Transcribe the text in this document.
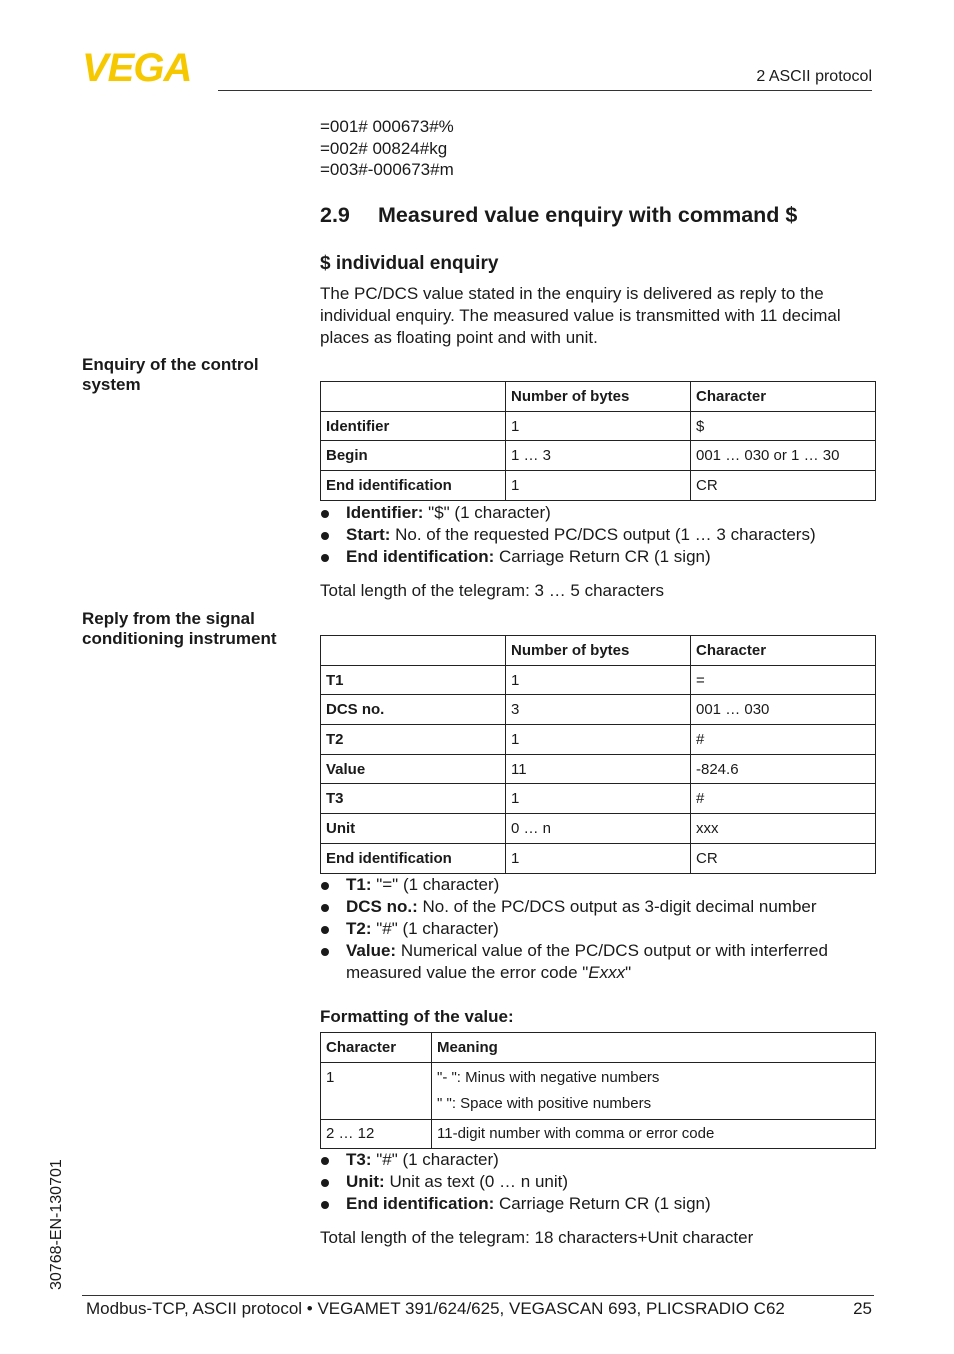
VEGA	2 ASCII protocol
=001# 000673#%
=002# 00824#kg
=003#-000673#m
2.9 Measured value enquiry with command $
$ individual enquiry
The PC/DCS value stated in the enquiry is delivered as reply to the individual enquiry. The measured value is transmitted with 11 decimal places as floating point and with unit.
Enquiry of the control
system
	Number of bytes	Character
Identifier	1	$
Begin	1 … 3	001 … 030 or 1 … 30
End identification	1	CR
Identifier: "$" (1 character)
Start: No. of the requested PC/DCS output (1 … 3 characters)
End identification: Carriage Return CR (1 sign)
Total length of the telegram: 3 … 5 characters
Reply from the signal
conditioning instrument
	Number of bytes	Character
T1	1	=
DCS no.	3	001 … 030
T2	1	#
Value	11	-824.6
T3	1	#
Unit	0 … n	xxx
End identification	1	CR
T1: "=" (1 character)
DCS no.: No. of the PC/DCS output as 3-digit decimal number
T2: "#" (1 character)
Value: Numerical value of the PC/DCS output or with interferred measured value the error code "Exxx"
Formatting of the value:
Character	Meaning
1	"- ": Minus with negative numbers
" ": Space with positive numbers

2 … 12	11-digit number with comma or error code
T3: "#" (1 character)
Unit: Unit as text (0 … n unit)
End identification: Carriage Return CR (1 sign)
Total length of the telegram: 18 characters+Unit character
30768-EN-130701
Modbus-TCP, ASCII protocol • VEGAMET 391/624/625, VEGASCAN 693, PLICSRADIO C62	25
